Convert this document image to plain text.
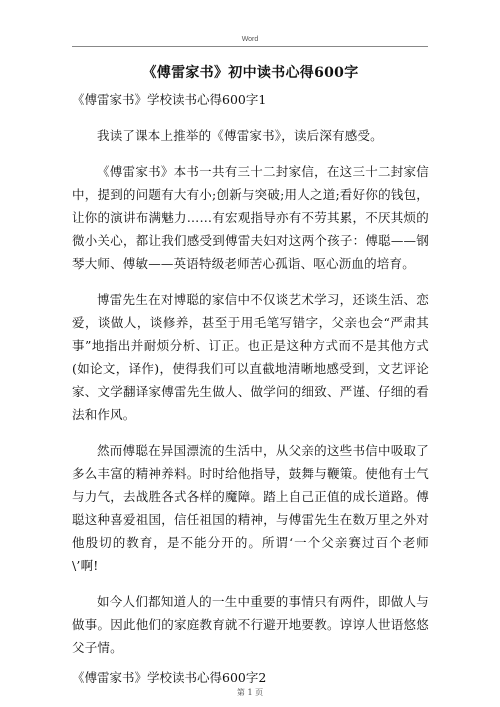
Word
《傅雷家书》初中读书心得600字
《傅雷家书》学校读书心得600字1

我读了课本上推举的《傅雷家书》，读后深有感受。

《傅雷家书》本书一共有三十二封家信，在这三十二封家信中，提到的问题有大有小;创新与突破;用人之道;看好你的钱包，让你的演讲布满魅力……有宏观指导亦有不劳其累，不厌其烦的微小关心，都让我们感受到傅雷夫妇对这两个孩子：傅聪——钢琴大师、傅敏——英语特级老师苦心孤诣、呕心沥血的培育。

博雷先生在对博聪的家信中不仅谈艺术学习，还谈生活、恋爱，谈做人，谈修养，甚至于用毛笔写错字，父亲也会“严肃其事”地指出并耐烦分析、订正。也正是这种方式而不是其他方式(如论文，译作)，使得我们可以直截地清晰地感受到，文艺评论家、文学翻译家傅雷先生做人、做学问的细致、严谨、仔细的看法和作风。

然而傅聪在异国漂流的生活中，从父亲的这些书信中吸取了多么丰富的精神养料。时时给他指导，鼓舞与鞭策。使他有士气与力气，去战胜各式各样的魔障。踏上自己正值的成长道路。傅聪这种喜爱祖国，信任祖国的精神，与傅雷先生在数万里之外对他殷切的教育，是不能分开的。所谓‘一个父亲赛过百个老师\’啊!

如今人们都知道人的一生中重要的事情只有两件，即做人与做事。因此他们的家庭教育就不行避开地要教。谆谆人世语悠悠父子情。

《傅雷家书》学校读书心得600字2
第 1 页
